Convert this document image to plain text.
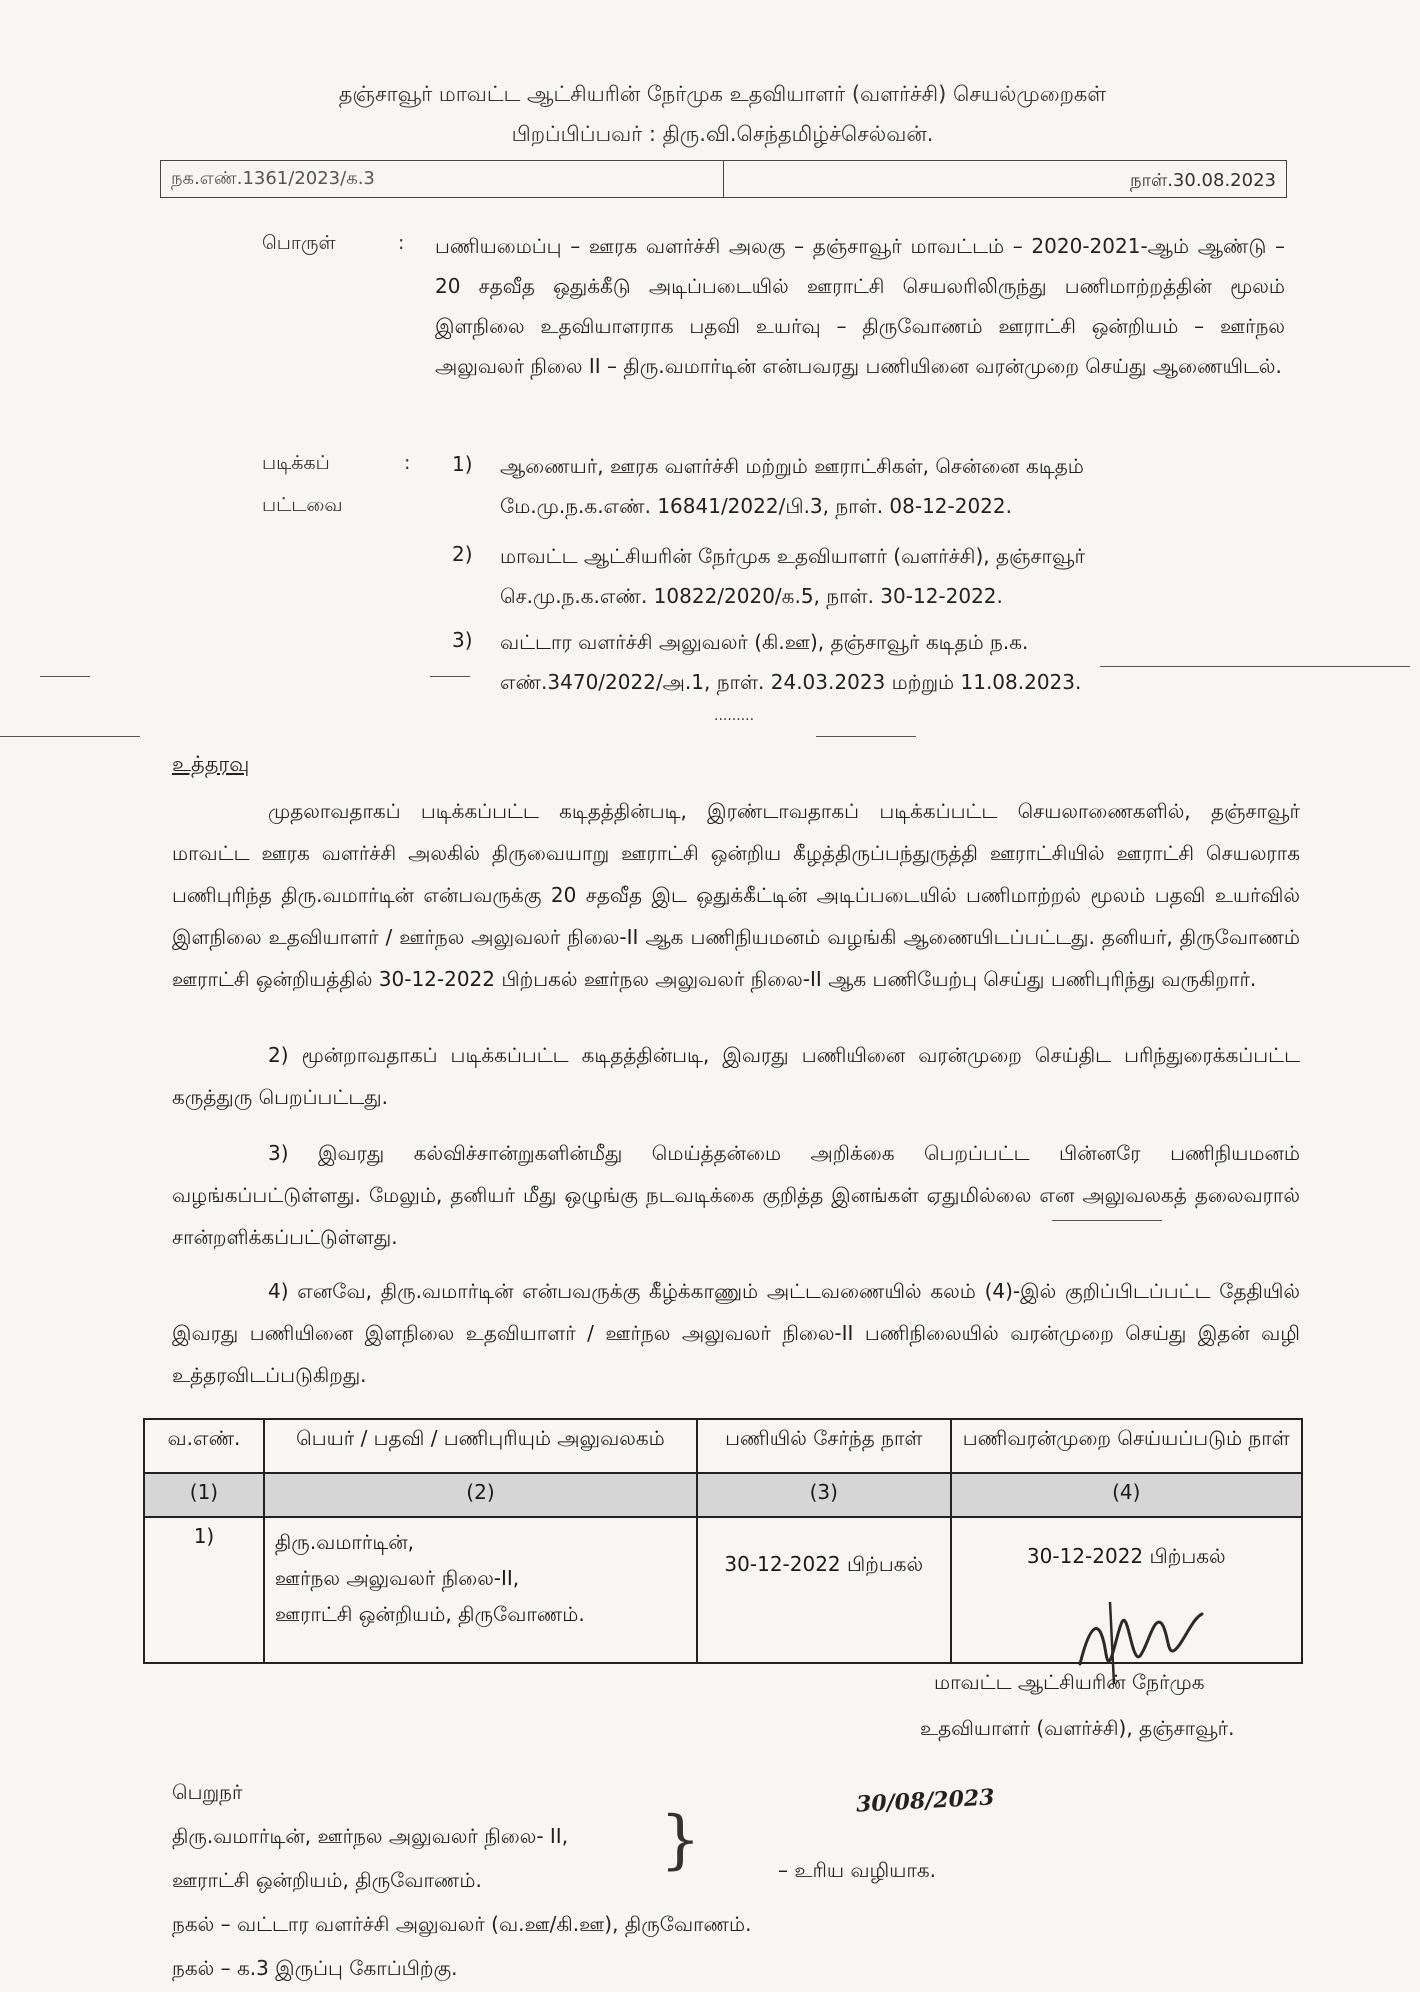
தஞ்சாவூர் மாவட்ட ஆட்சியரின் நேர்முக உதவியாளர் (வளர்ச்சி) செயல்முறைகள்
பிறப்பிப்பவர் : திரு.வி.செந்தமிழ்ச்செல்வன்.
நக.எண்.1361/2023/க.3	நாள்.30.08.2023
பொருள்	: பணியமைப்பு – ஊரக வளர்ச்சி அலகு – தஞ்சாவூர் மாவட்டம் – 2020-2021-ஆம் ஆண்டு – 20 சதவீத ஒதுக்கீடு அடிப்படையில் ஊராட்சி செயலரிலிருந்து பணிமாற்றத்தின் மூலம் இளநிலை உதவியாளராக பதவி உயர்வு – திருவோணம் ஊராட்சி ஒன்றியம் – ஊர்நல அலுவலர் நிலை II – திரு.வமார்டின் என்பவரது பணியினை வரன்முறை செய்து ஆணையிடல்.
படிக்கப்
பட்டவை
: 1) ஆணையர், ஊரக வளர்ச்சி மற்றும் ஊராட்சிகள், சென்னை கடிதம்
மே.மு.ந.க.எண். 16841/2022/பி.3, நாள். 08-12-2022.
2) மாவட்ட ஆட்சியரின் நேர்முக உதவியாளர் (வளர்ச்சி), தஞ்சாவூர்
செ.மு.ந.க.எண். 10822/2020/க.5, நாள். 30-12-2022.
3) வட்டார வளர்ச்சி அலுவலர் (கி.ஊ), தஞ்சாவூர் கடிதம் ந.க.
எண்.3470/2022/அ.1, நாள். 24.03.2023 மற்றும் 11.08.2023.
.........
உத்தரவு
முதலாவதாகப் படிக்கப்பட்ட கடிதத்தின்படி, இரண்டாவதாகப் படிக்கப்பட்ட செயலாணைகளில், தஞ்சாவூர் மாவட்ட ஊரக வளர்ச்சி அலகில் திருவையாறு ஊராட்சி ஒன்றிய கீழத்திருப்பந்துருத்தி ஊராட்சியில் ஊராட்சி செயலராக பணிபுரிந்த திரு.வமார்டின் என்பவருக்கு 20 சதவீத இட ஒதுக்கீட்டின் அடிப்படையில் பணிமாற்றல் மூலம் பதவி உயர்வில் இளநிலை உதவியாளர் / ஊர்நல அலுவலர் நிலை-II ஆக பணிநியமனம் வழங்கி ஆணையிடப்பட்டது. தனியர், திருவோணம் ஊராட்சி ஒன்றியத்தில் 30-12-2022 பிற்பகல் ஊர்நல அலுவலர் நிலை-II ஆக பணியேற்பு செய்து பணிபுரிந்து வருகிறார்.
2) மூன்றாவதாகப் படிக்கப்பட்ட கடிதத்தின்படி, இவரது பணியினை வரன்முறை செய்திட பரிந்துரைக்கப்பட்ட கருத்துரு பெறப்பட்டது.
3) இவரது கல்விச்சான்றுகளின்மீது மெய்த்தன்மை அறிக்கை பெறப்பட்ட பின்னரே பணிநியமனம் வழங்கப்பட்டுள்ளது. மேலும், தனியர் மீது ஒழுங்கு நடவடிக்கை குறித்த இனங்கள் ஏதுமில்லை என அலுவலகத் தலைவரால் சான்றளிக்கப்பட்டுள்ளது.
4) எனவே, திரு.வமார்டின் என்பவருக்கு கீழ்க்காணும் அட்டவணையில் கலம் (4)-இல் குறிப்பிடப்பட்ட தேதியில் இவரது பணியினை இளநிலை உதவியாளர் / ஊர்நல அலுவலர் நிலை-II பணிநிலையில் வரன்முறை செய்து இதன் வழி உத்தரவிடப்படுகிறது.
வ.எண்.	பெயர் / பதவி / பணிபுரியும் அலுவலகம்	பணியில் சேர்ந்த நாள்	பணிவரன்முறை செய்யப்படும் நாள்
(1)	(2)	(3)	(4)
1)	திரு.வமார்டின்,
ஊர்நல அலுவலர் நிலை-II,
ஊராட்சி ஒன்றியம், திருவோணம்.	30-12-2022 பிற்பகல்	30-12-2022 பிற்பகல்
மாவட்ட ஆட்சியரின் நேர்முக
உதவியாளர் (வளர்ச்சி), தஞ்சாவூர்.
30/08/2023
பெறுநர்
திரு.வமார்டின், ஊர்நல அலுவலர் நிலை- II,
ஊராட்சி ஒன்றியம், திருவோணம்.
}	– உரிய வழியாக.
நகல் – வட்டார வளர்ச்சி அலுவலர் (வ.ஊ/கி.ஊ), திருவோணம்.
நகல் – க.3 இருப்பு கோப்பிற்கு.
